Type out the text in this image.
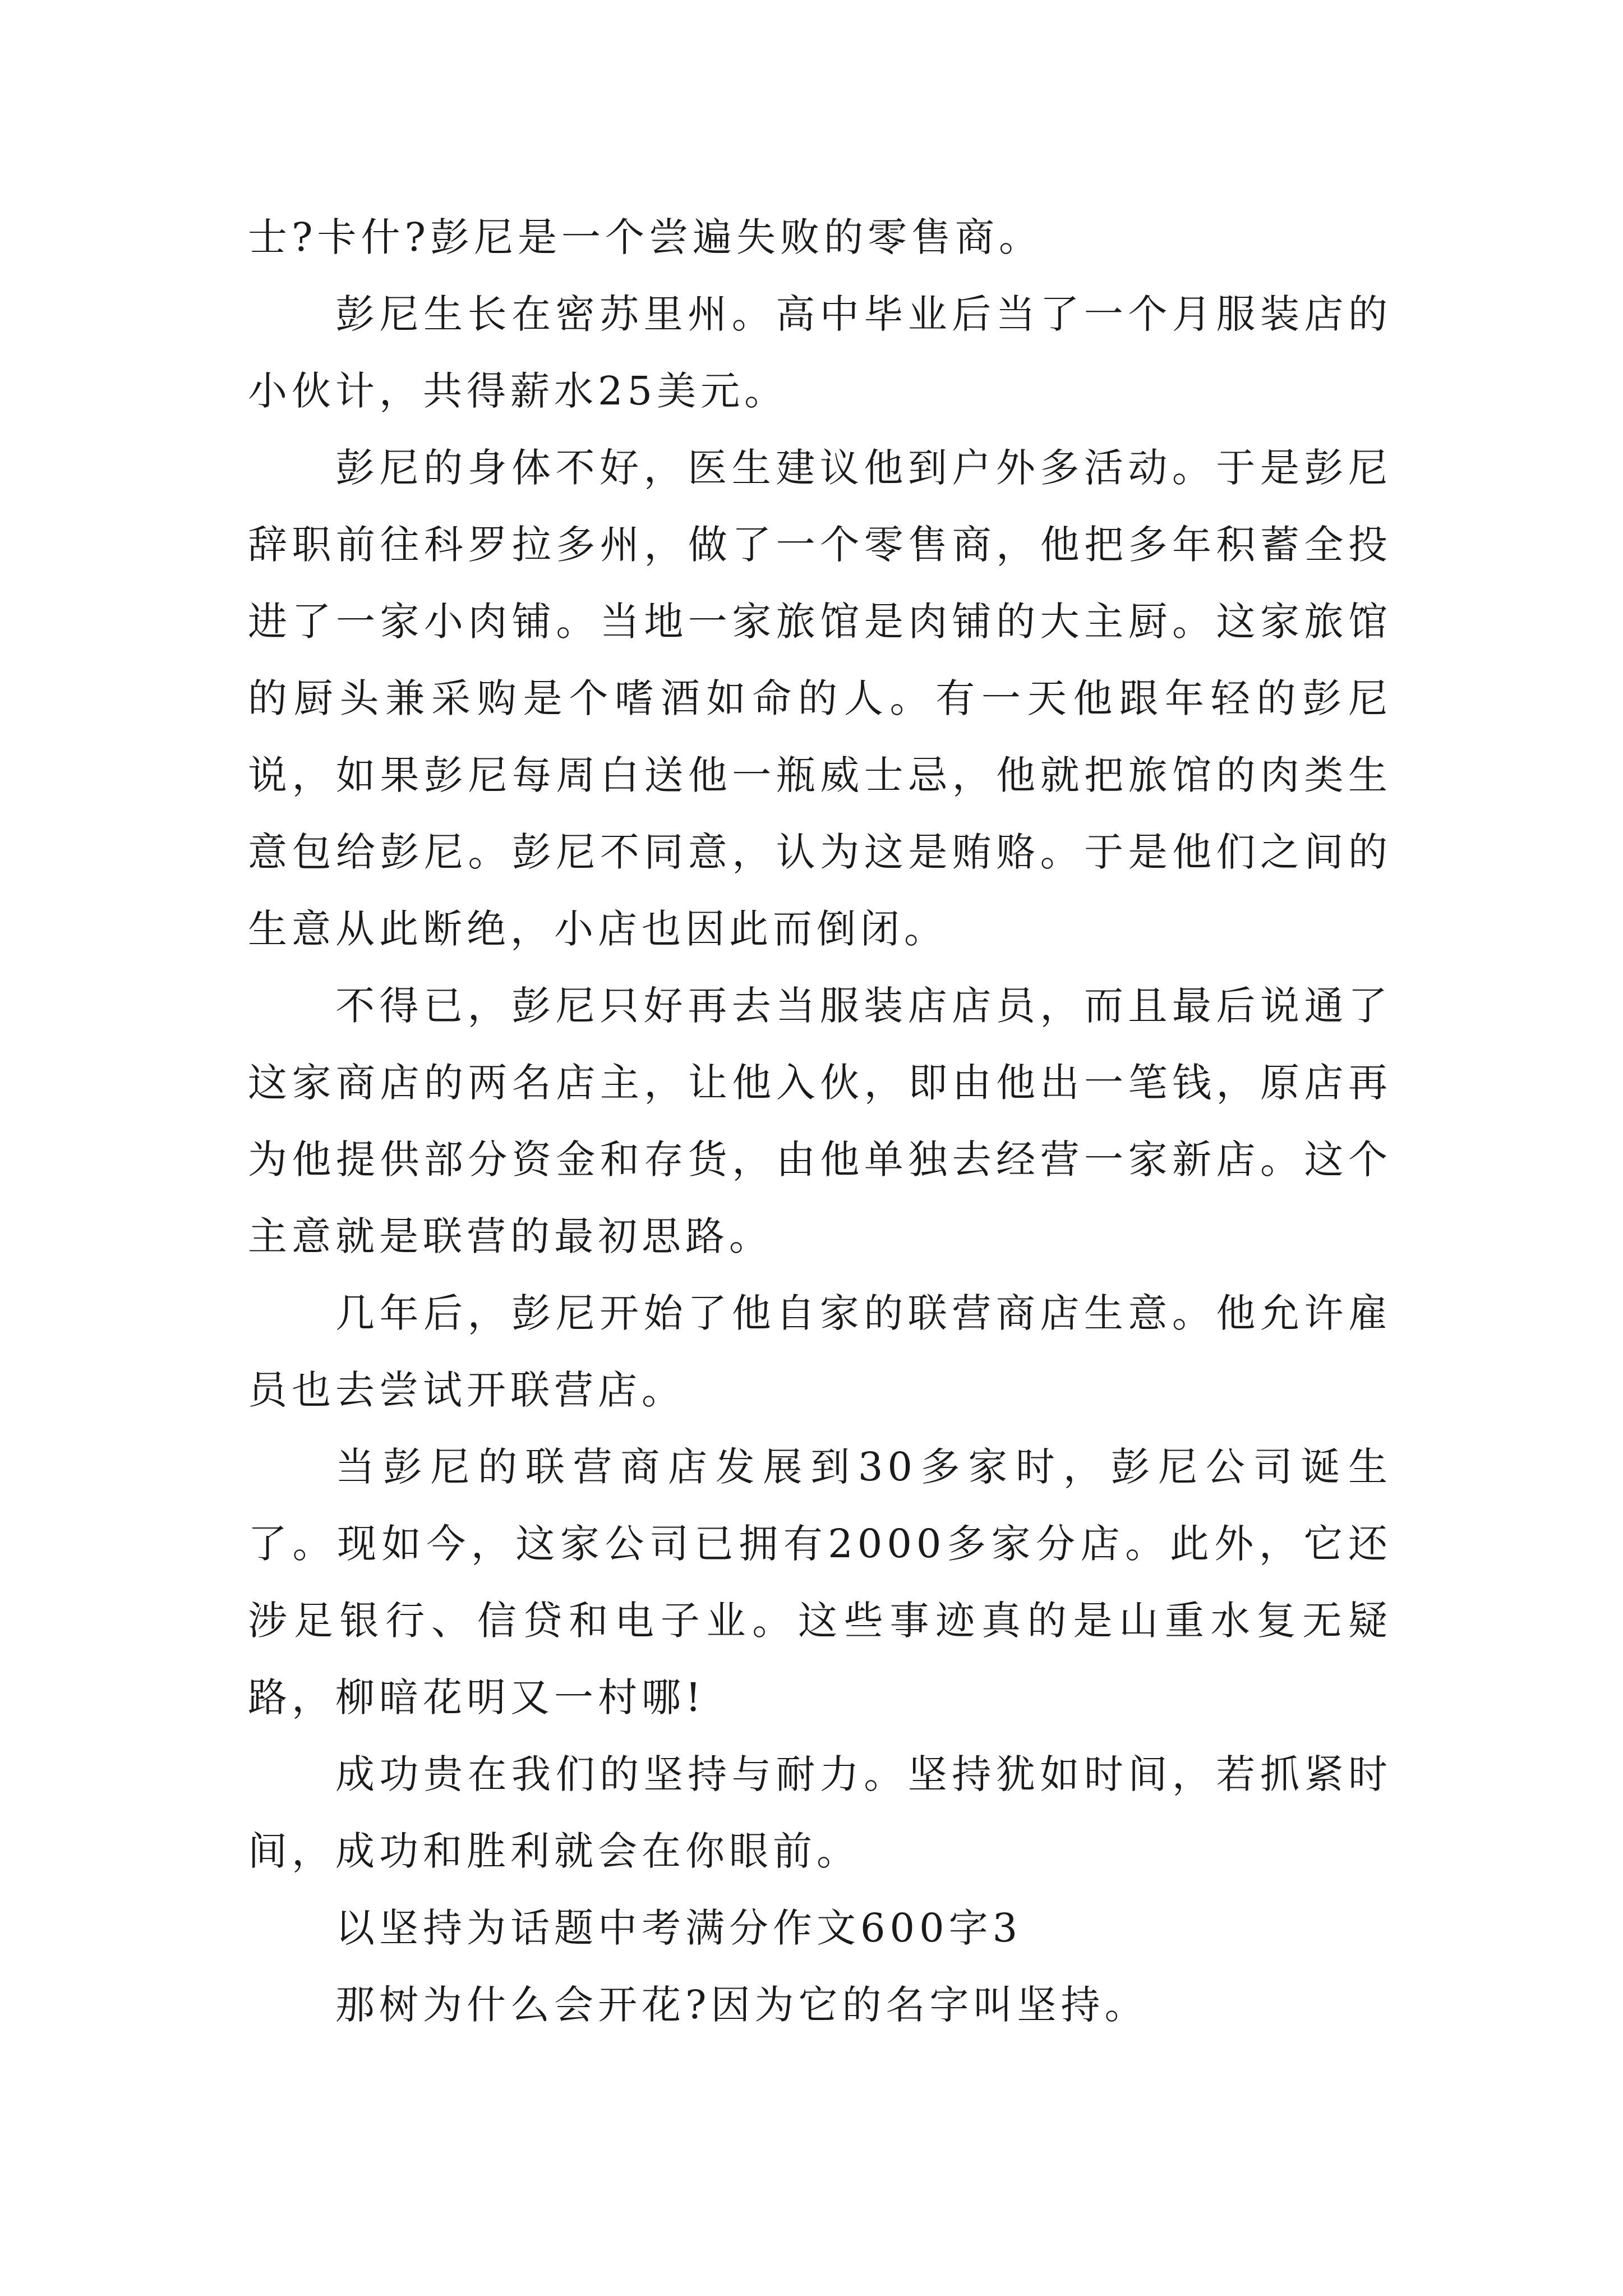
士?卡什?彭尼是一个尝遍失败的零售商。

彭尼生长在密苏里州。高中毕业后当了一个月服装店的小伙计，共得薪水25美元。

彭尼的身体不好，医生建议他到户外多活动。于是彭尼辞职前往科罗拉多州，做了一个零售商，他把多年积蓄全投进了一家小肉铺。当地一家旅馆是肉铺的大主厨。这家旅馆的厨头兼采购是个嗜酒如命的人。有一天他跟年轻的彭尼说，如果彭尼每周白送他一瓶威士忌，他就把旅馆的肉类生意包给彭尼。彭尼不同意，认为这是贿赂。于是他们之间的生意从此断绝，小店也因此而倒闭。

不得已，彭尼只好再去当服装店店员，而且最后说通了这家商店的两名店主，让他入伙，即由他出一笔钱，原店再为他提供部分资金和存货，由他单独去经营一家新店。这个主意就是联营的最初思路。

几年后，彭尼开始了他自家的联营商店生意。他允许雇员也去尝试开联营店。

当彭尼的联营商店发展到30多家时，彭尼公司诞生了。现如今，这家公司已拥有2000多家分店。此外，它还涉足银行、信贷和电子业。这些事迹真的是山重水复无疑路，柳暗花明又一村哪!

成功贵在我们的坚持与耐力。坚持犹如时间，若抓紧时间，成功和胜利就会在你眼前。

以坚持为话题中考满分作文600字3

那树为什么会开花?因为它的名字叫坚持。
